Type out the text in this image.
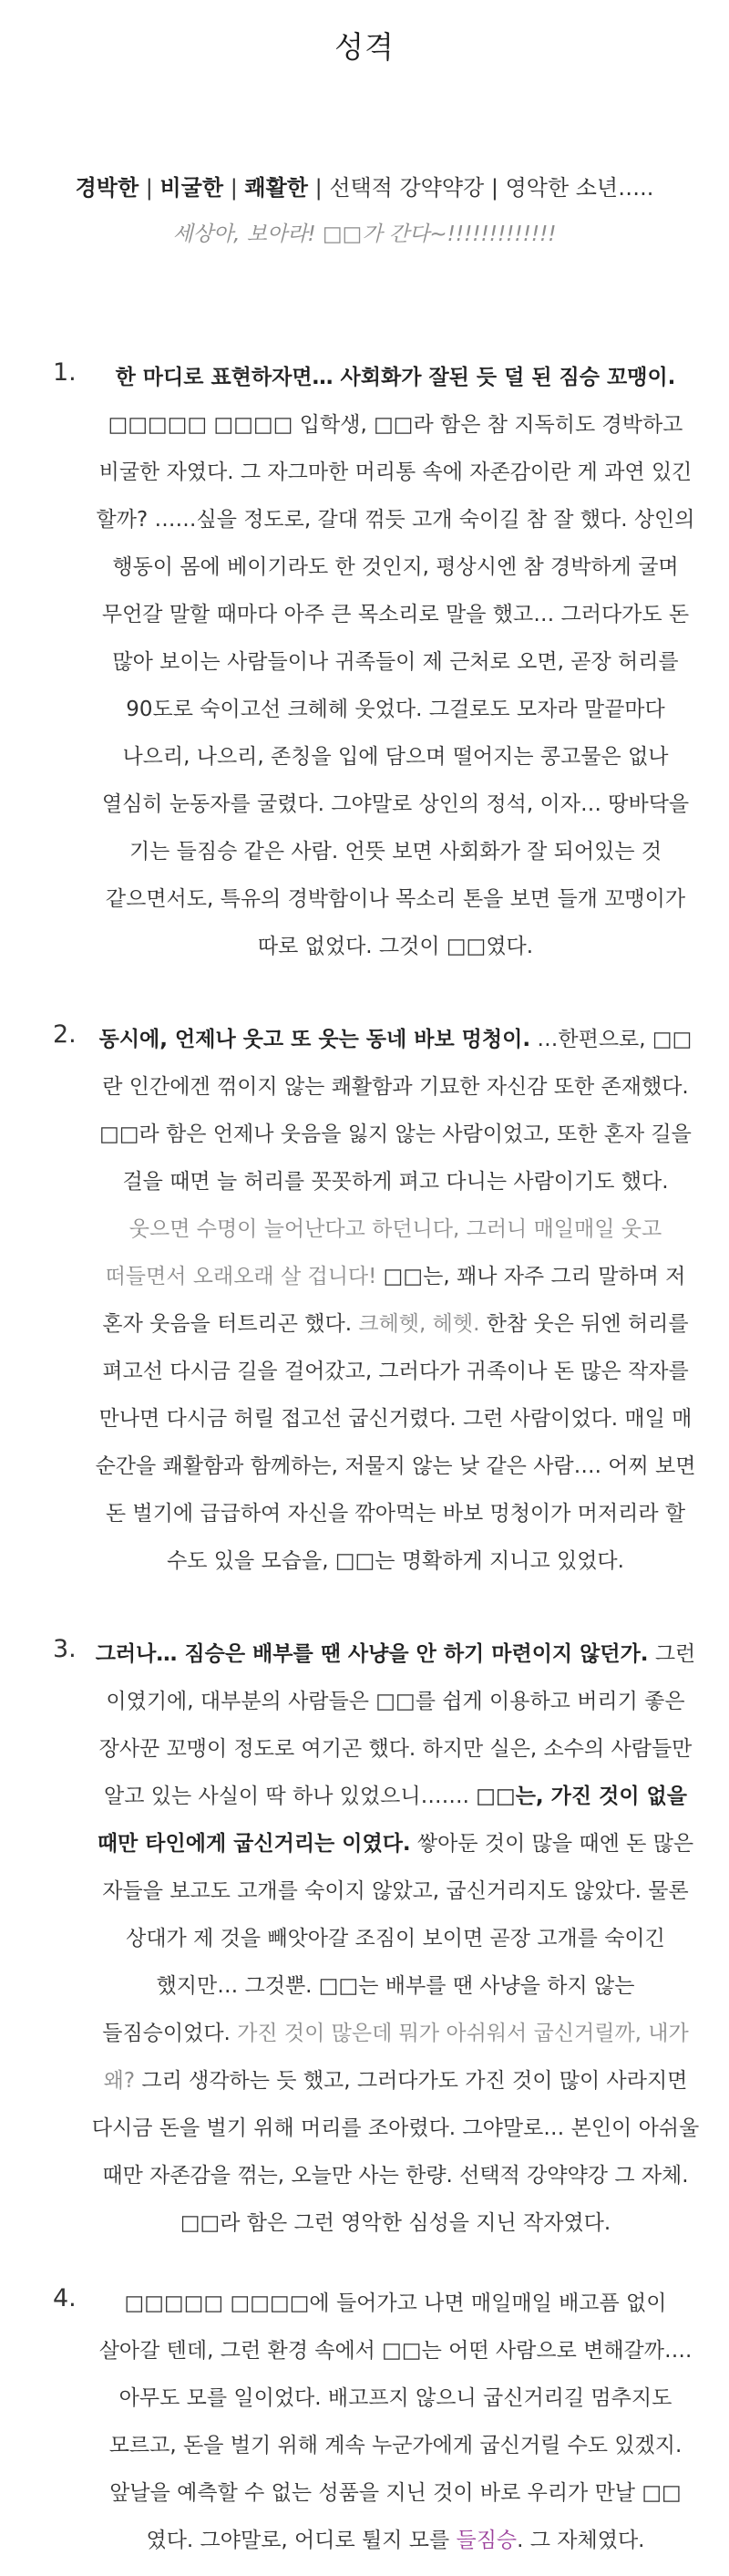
성격
경박한 | 비굴한 | 쾌활한 | 선택적 강약약강 | 영악한 소년…..
세상아, 보아라! □□가 간다~!!!!!!!!!!!!!
1.	한 마디로 표현하자면… 사회화가 잘된 듯 덜 된 짐승 꼬맹이. □□□□□ □□□□ 입학생, □□라 함은 참 지독히도 경박하고 비굴한 자였다. 그 자그마한 머리통 속에 자존감이란 게 과연 있긴 할까? ……싶을 정도로, 갈대 꺾듯 고개 숙이길 참 잘 했다. 상인의 행동이 몸에 베이기라도 한 것인지, 평상시엔 참 경박하게 굴며 무언갈 말할 때마다 아주 큰 목소리로 말을 했고… 그러다가도 돈 많아 보이는 사람들이나 귀족들이 제 근처로 오면, 곧장 허리를 90도로 숙이고선 크헤헤 웃었다. 그걸로도 모자라 말끝마다 나으리, 나으리, 존칭을 입에 담으며 떨어지는 콩고물은 없나 열심히 눈동자를 굴렸다. 그야말로 상인의 정석, 이자… 땅바닥을 기는 들짐승 같은 사람. 언뜻 보면 사회화가 잘 되어있는 것 같으면서도, 특유의 경박함이나 목소리 톤을 보면 들개 꼬맹이가 따로 없었다. 그것이 □□였다.
2.	동시에, 언제나 웃고 또 웃는 동네 바보 멍청이. …한편으로, □□란 인간에겐 꺾이지 않는 쾌활함과 기묘한 자신감 또한 존재했다. □□라 함은 언제나 웃음을 잃지 않는 사람이었고, 또한 혼자 길을 걸을 때면 늘 허리를 꼿꼿하게 펴고 다니는 사람이기도 했다. 웃으면 수명이 늘어난다고 하던니다, 그러니 매일매일 웃고 떠들면서 오래오래 살 겁니다! □□는, 꽤나 자주 그리 말하며 저 혼자 웃음을 터트리곤 했다. 크헤헷, 헤헷. 한참 웃은 뒤엔 허리를 펴고선 다시금 길을 걸어갔고, 그러다가 귀족이나 돈 많은 작자를 만나면 다시금 허릴 접고선 굽신거렸다. 그런 사람이었다. 매일 매 순간을 쾌활함과 함께하는, 저물지 않는 낮 같은 사람…. 어찌 보면 돈 벌기에 급급하여 자신을 깎아먹는 바보 멍청이가 머저리라 할 수도 있을 모습을, □□는 명확하게 지니고 있었다.
3. 그러나… 짐승은 배부를 땐 사냥을 안 하기 마련이지 않던가. 그런 이였기에, 대부분의 사람들은 □□를 쉽게 이용하고 버리기 좋은 장사꾼 꼬맹이 정도로 여기곤 했다. 하지만 실은, 소수의 사람들만 알고 있는 사실이 딱 하나 있었으니……. □□는, 가진 것이 없을 때만 타인에게 굽신거리는 이였다. 쌓아둔 것이 많을 때엔 돈 많은 자들을 보고도 고개를 숙이지 않았고, 굽신거리지도 않았다. 물론 상대가 제 것을 빼앗아갈 조짐이 보이면 곧장 고개를 숙이긴 했지만… 그것뿐. □□는 배부를 땐 사냥을 하지 않는 들짐승이었다. 가진 것이 많은데 뭐가 아쉬워서 굽신거릴까, 내가 왜? 그리 생각하는 듯 했고, 그러다가도 가진 것이 많이 사라지면 다시금 돈을 벌기 위해 머리를 조아렸다. 그야말로… 본인이 아쉬울 때만 자존감을 꺾는, 오늘만 사는 한량. 선택적 강약약강 그 자체. □□라 함은 그런 영악한 심성을 지닌 작자였다.
4.	□□□□□ □□□□에 들어가고 나면 매일매일 배고픔 없이 살아갈 텐데, 그런 환경 속에서 □□는 어떤 사람으로 변해갈까…. 아무도 모를 일이었다. 배고프지 않으니 굽신거리길 멈추지도 모르고, 돈을 벌기 위해 계속 누군가에게 굽신거릴 수도 있겠지. 앞날을 예측할 수 없는 성품을 지닌 것이 바로 우리가 만날 □□였다. 그야말로, 어디로 튈지 모를 들짐승. 그 자체였다.
